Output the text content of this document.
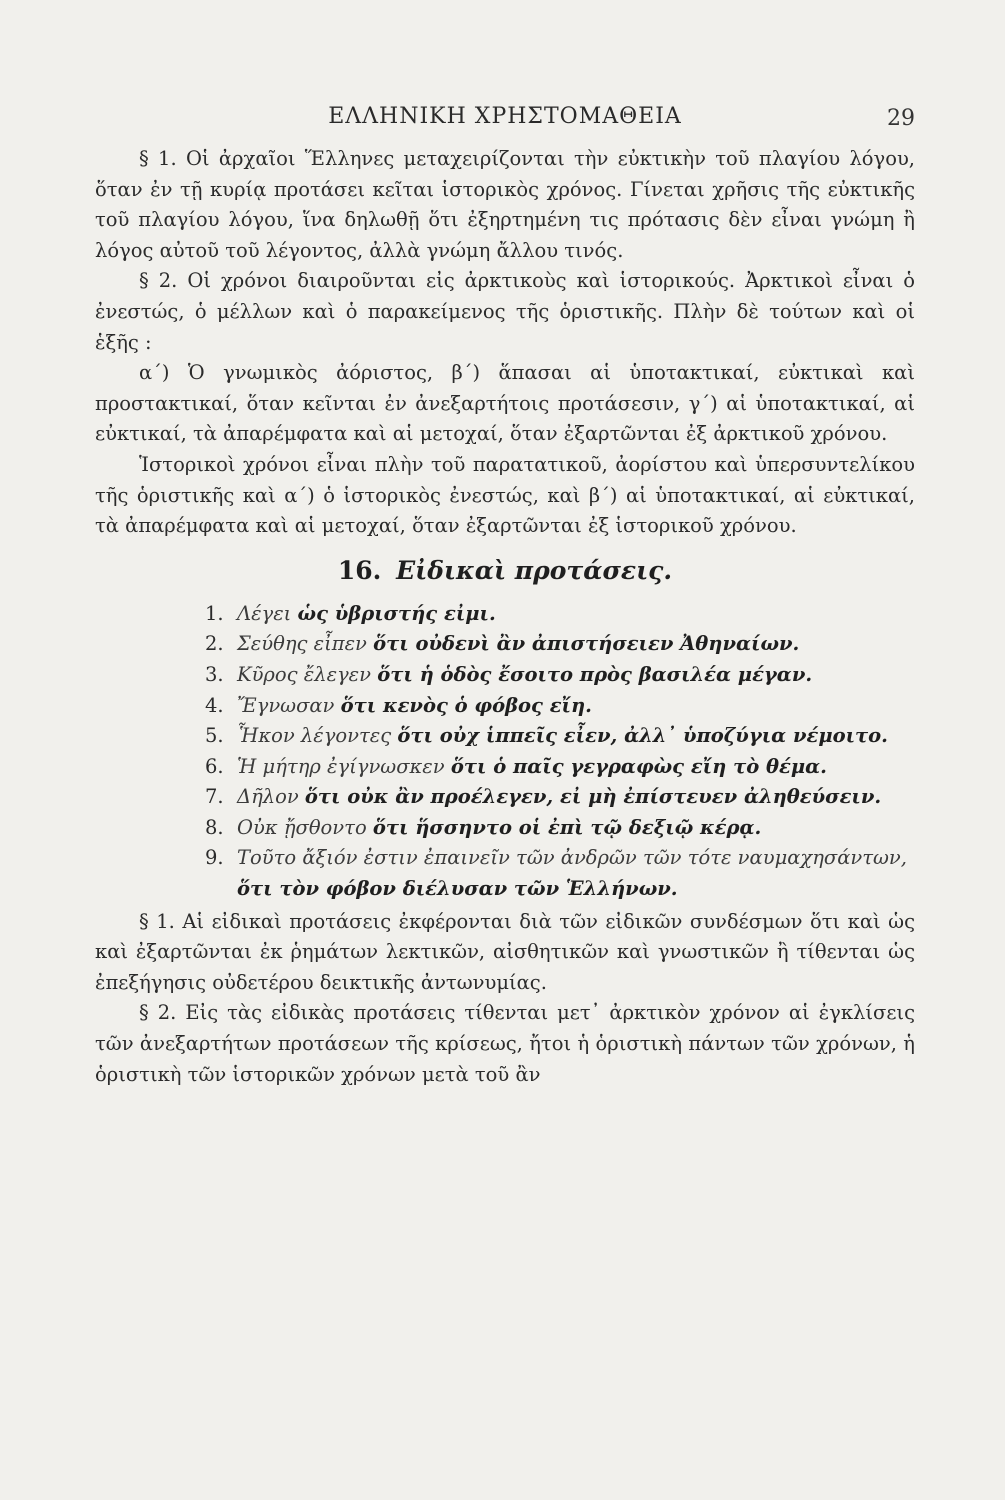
ΕΛΛΗΝΙΚΗ ΧΡΗΣΤΟΜΑΘΕΙΑ	29

§ 1. Οἱ ἀρχαῖοι Ἕλληνες μεταχειρίζονται τὴν εὐκτικὴν τοῦ πλαγίου λόγου, ὅταν ἐν τῇ κυρίᾳ προτάσει κεῖται ἱστορικὸς χρόνος. Γίνεται χρῆσις τῆς εὐκτικῆς τοῦ πλαγίου λόγου, ἵνα δηλωθῇ ὅτι ἐξηρτημένη τις πρότασις δὲν εἶναι γνώμη ἢ λόγος αὐτοῦ τοῦ λέγοντος, ἀλλὰ γνώμη ἄλλου τινός.

§ 2. Οἱ χρόνοι διαιροῦνται εἰς ἀρκτικοὺς καὶ ἱστορικούς. Ἀρκτικοὶ εἶναι ὁ ἐνεστώς, ὁ μέλλων καὶ ὁ παρακείμενος τῆς ὁριστικῆς. Πλὴν δὲ τούτων καὶ οἱ ἑξῆς :

α΄) Ὁ γνωμικὸς ἀόριστος, β΄) ἅπασαι αἱ ὑποτακτικαί, εὐκτικαὶ καὶ προστακτικαί, ὅταν κεῖνται ἐν ἀνεξαρτήτοις προτάσεσιν, γ΄) αἱ ὑποτακτικαί, αἱ εὐκτικαί, τὰ ἀπαρέμφατα καὶ αἱ μετοχαί, ὅταν ἐξαρτῶνται ἐξ ἀρκτικοῦ χρόνου.

Ἱστορικοὶ χρόνοι εἶναι πλὴν τοῦ παρατατικοῦ, ἀορίστου καὶ ὑπερσυντελίκου τῆς ὁριστικῆς καὶ α΄) ὁ ἱστορικὸς ἐνεστώς, καὶ β΄) αἱ ὑποτακτικαί, αἱ εὐκτικαί, τὰ ἀπαρέμφατα καὶ αἱ μετοχαί, ὅταν ἐξαρτῶνται ἐξ ἱστορικοῦ χρόνου.

16. Εἰδικαὶ προτάσεις.

1. Λέγει ὡς ὑβριστής εἰμι.

2. Σεύθης εἶπεν ὅτι οὐδενὶ ἂν ἀπιστήσειεν Ἀθηναίων.

3. Κῦρος ἔλεγεν ὅτι ἡ ὁδὸς ἔσοιτο πρὸς βασιλέα μέγαν.

4. Ἔγνωσαν ὅτι κενὸς ὁ φόβος εἴη.

5. Ἧκον λέγοντες ὅτι οὐχ ἱππεῖς εἶεν, ἀλλ᾽ ὑποζύγια νέμοιτο.

6. Ἡ μήτηρ ἐγίγνωσκεν ὅτι ὁ παῖς γεγραφὼς εἴη τὸ θέμα.

7. Δῆλον ὅτι οὐκ ἂν προέλεγεν, εἰ μὴ ἐπίστευεν ἀληθεύσειν.

8. Οὐκ ᾔσθοντο ὅτι ἥσσηντο οἱ ἐπὶ τῷ δεξιῷ κέρᾳ.

9. Τοῦτο ἄξιόν ἐστιν ἐπαινεῖν τῶν ἀνδρῶν τῶν τότε ναυμαχησάντων, ὅτι τὸν φόβον διέλυσαν τῶν Ἑλλήνων.

§ 1. Αἱ εἰδικαὶ προτάσεις ἐκφέρονται διὰ τῶν εἰδικῶν συνδέσμων ὅτι καὶ ὡς καὶ ἐξαρτῶνται ἐκ ῥημάτων λεκτικῶν, αἰσθητικῶν καὶ γνωστικῶν ἢ τίθενται ὡς ἐπεξήγησις οὐδετέρου δεικτικῆς ἀντωνυμίας.

§ 2. Εἰς τὰς εἰδικὰς προτάσεις τίθενται μετ᾽ ἀρκτικὸν χρόνον αἱ ἐγκλίσεις τῶν ἀνεξαρτήτων προτάσεων τῆς κρίσεως, ἤτοι ἡ ὁριστικὴ πάντων τῶν χρόνων, ἡ ὁριστικὴ τῶν ἱστορικῶν χρόνων μετὰ τοῦ ἂν
